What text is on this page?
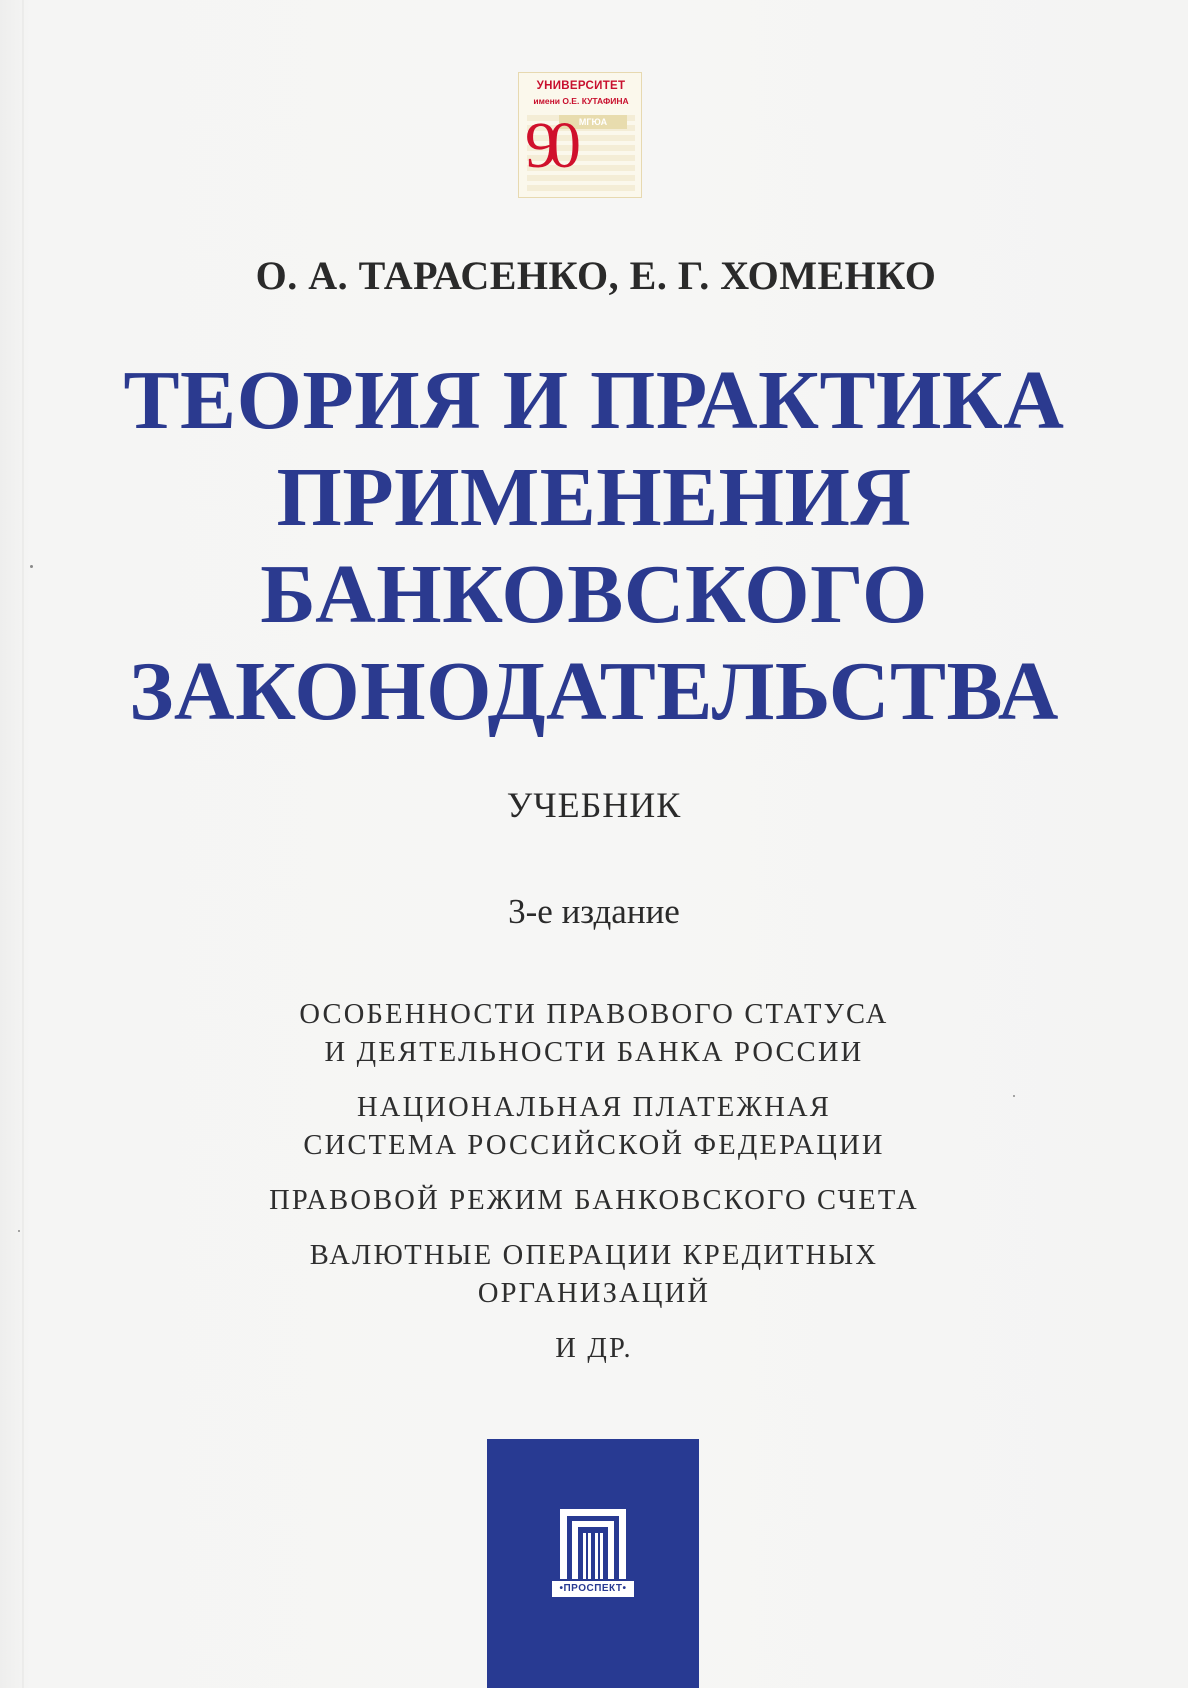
УНИВЕРСИТЕТ
имени О.Е. КУТАФИНА
МГЮА
90
О. А. ТАРАСЕНКО, Е. Г. ХОМЕНКО
ТЕОРИЯ И ПРАКТИКА
ПРИМЕНЕНИЯ
БАНКОВСКОГО
ЗАКОНОДАТЕЛЬСТВА
УЧЕБНИК
3-е издание
ОСОБЕННОСТИ ПРАВОВОГО СТАТУСА
И ДЕЯТЕЛЬНОСТИ БАНКА РОССИИ
НАЦИОНАЛЬНАЯ ПЛАТЕЖНАЯ
СИСТЕМА РОССИЙСКОЙ ФЕДЕРАЦИИ
ПРАВОВОЙ РЕЖИМ БАНКОВСКОГО СЧЕТА
ВАЛЮТНЫЕ ОПЕРАЦИИ КРЕДИТНЫХ
ОРГАНИЗАЦИЙ
И ДР.
•ПРОСПЕКТ•
